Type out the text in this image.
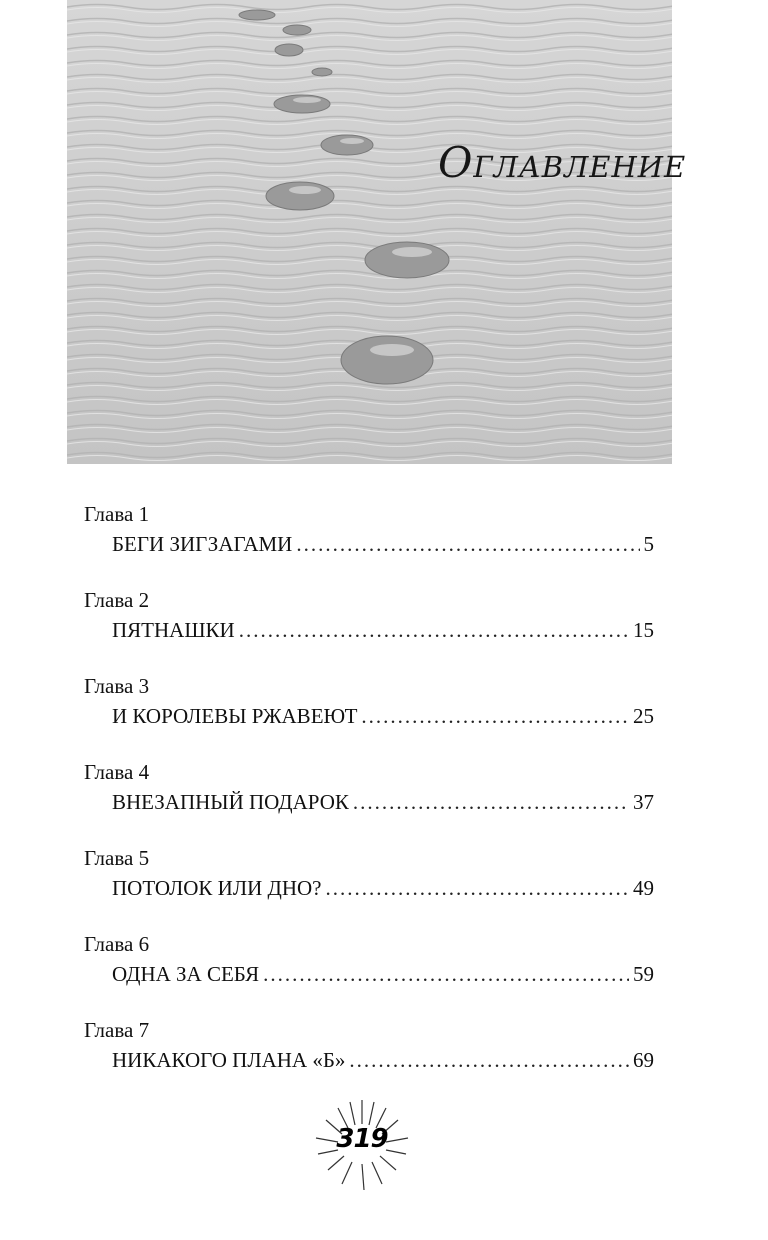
Оглавление
Глава 1
БЕГИ ЗИГЗАГАМИ .....	5
Глава 2
ПЯТНАШКИ .....	15
Глава 3
И КОРОЛЕВЫ РЖАВЕЮТ .....	25
Глава 4
ВНЕЗАПНЫЙ ПОДАРОК .....	37
Глава 5
ПОТОЛОК ИЛИ ДНО? .....	49
Глава 6
ОДНА ЗА СЕБЯ .....	59
Глава 7
НИКАКОГО ПЛАНА «Б» .....	69
319
